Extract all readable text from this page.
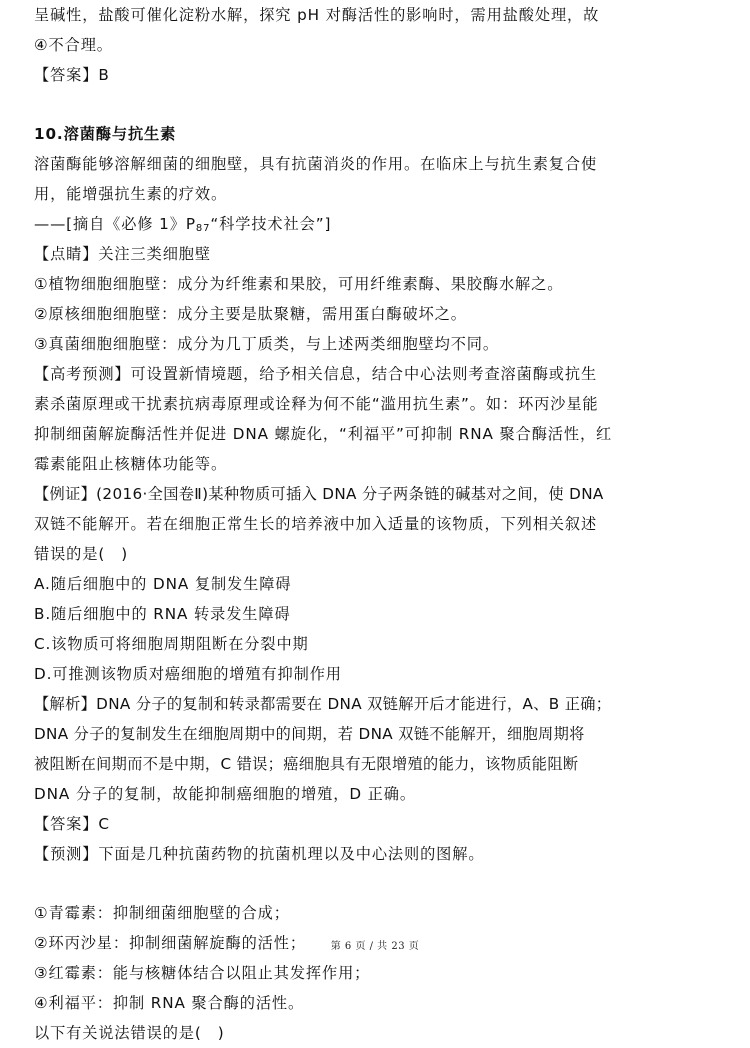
呈碱性，盐酸可催化淀粉水解，探究 pH 对酶活性的影响时，需用盐酸处理，故
④不合理。
【答案】B
10.溶菌酶与抗生素
溶菌酶能够溶解细菌的细胞壁，具有抗菌消炎的作用。在临床上与抗生素复合使
用，能增强抗生素的疗效。
——[摘自《必修 1》$P_{87}“$科学技术社会”]
【点睛】关注三类细胞壁
①植物细胞细胞壁：成分为纤维素和果胶，可用纤维素酶、果胶酶水解之。
②原核细胞细胞壁：成分主要是肽聚糖，需用蛋白酶破坏之。
③真菌细胞细胞壁：成分为几丁质类，与上述两类细胞壁均不同。
【高考预测】可设置新情境题，给予相关信息，结合中心法则考查溶菌酶或抗生
素杀菌原理或干扰素抗病毒原理或诠释为何不能“滥用抗生素”。如：环丙沙星能
抑制细菌解旋酶活性并促进 DNA 螺旋化，“利福平”可抑制 RNA 聚合酶活性，红
霉素能阻止核糖体功能等。
【例证】(2016·全国卷Ⅱ)某种物质可插入 DNA 分子两条链的碱基对之间，使 DNA
双链不能解开。若在细胞正常生长的培养液中加入适量的该物质，下列相关叙述
错误的是(　)
A.随后细胞中的 DNA 复制发生障碍
B.随后细胞中的 RNA 转录发生障碍
C.该物质可将细胞周期阻断在分裂中期
D.可推测该物质对癌细胞的增殖有抑制作用
【解析】DNA 分子的复制和转录都需要在 DNA 双链解开后才能进行，A、B 正确；
DNA 分子的复制发生在细胞周期中的间期，若 DNA 双链不能解开，细胞周期将
被阻断在间期而不是中期，C 错误；癌细胞具有无限增殖的能力，该物质能阻断
DNA 分子的复制，故能抑制癌细胞的增殖，D 正确。
【答案】C
【预测】下面是几种抗菌药物的抗菌机理以及中心法则的图解。
①青霉素：抑制细菌细胞壁的合成；
②环丙沙星：抑制细菌解旋酶的活性；
③红霉素：能与核糖体结合以阻止其发挥作用；
④利福平：抑制 RNA 聚合酶的活性。
以下有关说法错误的是(　)
第 6 页 / 共 23 页
